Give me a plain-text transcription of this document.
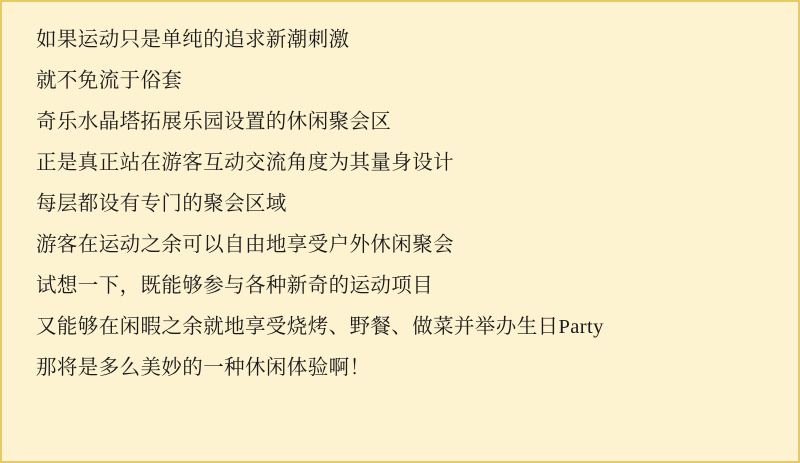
如果运动只是单纯的追求新潮刺激
就不免流于俗套
奇乐水晶塔拓展乐园设置的休闲聚会区
正是真正站在游客互动交流角度为其量身设计
每层都设有专门的聚会区域
游客在运动之余可以自由地享受户外休闲聚会
试想一下，既能够参与各种新奇的运动项目
又能够在闲暇之余就地享受烧烤、野餐、做菜并举办生日Party
那将是多么美妙的一种休闲体验啊！
